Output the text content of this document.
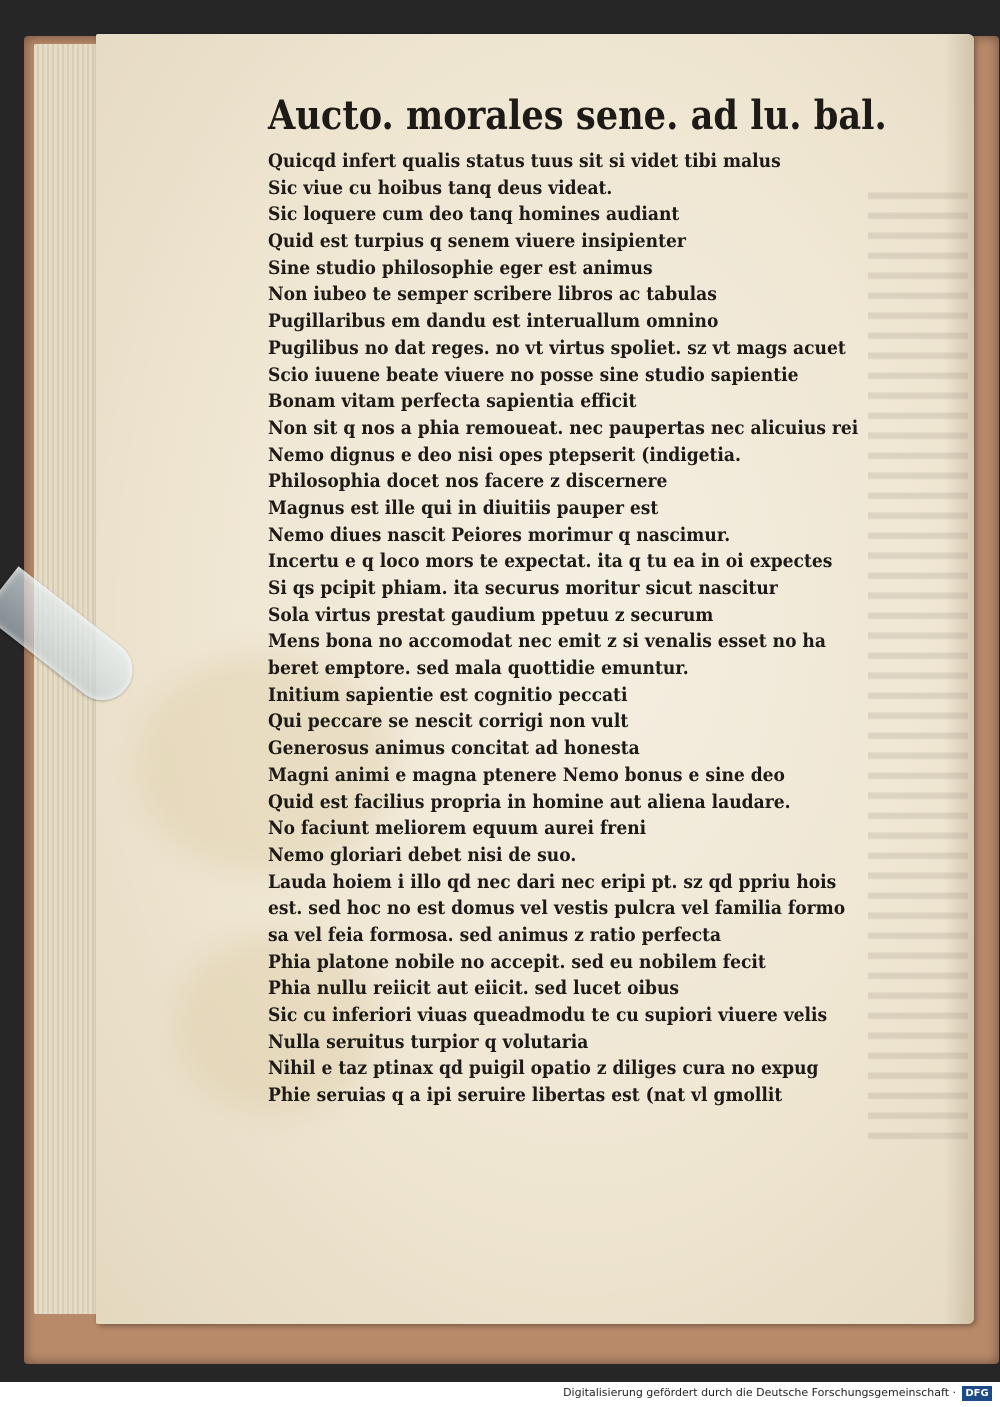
Aucto. morales sene. ad lu. bal.
Quicqd infert qualis status tuus sit si videt tibi malus
Sic viue cu hoibus tanq deus videat.
Sic loquere cum deo tanq homines audiant
Quid est turpius q senem viuere insipienter
Sine studio philosophie eger est animus
Non iubeo te semper scribere libros ac tabulas
Pugillaribus em dandu est interuallum omnino
Pugilibus no dat reges. no vt virtus spoliet. sz vt mags acuet
Scio iuuene beate viuere no posse sine studio sapientie
Bonam vitam perfecta sapientia efficit
Non sit q nos a phia remoueat. nec paupertas nec alicuius rei
Nemo dignus e deo nisi opes ptepserit (indigetia.
Philosophia docet nos facere z discernere
Magnus est ille qui in diuitiis pauper est
Nemo diues nascit Peiores morimur q nascimur.
Incertu e q loco mors te expectat. ita q tu ea in oi expectes
Si qs pcipit phiam. ita securus moritur sicut nascitur
Sola virtus prestat gaudium ppetuu z securum
Mens bona no accomodat nec emit z si venalis esset no ha
beret emptore. sed mala quottidie emuntur.
Initium sapientie est cognitio peccati
Qui peccare se nescit corrigi non vult
Generosus animus concitat ad honesta
Magni animi e magna ptenere Nemo bonus e sine deo
Quid est facilius propria in homine aut aliena laudare.
No faciunt meliorem equum aurei freni
Nemo gloriari debet nisi de suo.
Lauda hoiem i illo qd nec dari nec eripi pt. sz qd ppriu hois
est. sed hoc no est domus vel vestis pulcra vel familia formo
sa vel feia formosa. sed animus z ratio perfecta
Phia platone nobile no accepit. sed eu nobilem fecit
Phia nullu reiicit aut eiicit. sed lucet oibus
Sic cu inferiori viuas queadmodu te cu supiori viuere velis
Nulla seruitus turpior q volutaria
Nihil e taz ptinax qd puigil opatio z diliges cura no expug
Phie seruias q a ipi seruire libertas est (nat vl gmollit
Digitalisierung gefördert durch die Deutsche Forschungsgemeinschaft · DFG
